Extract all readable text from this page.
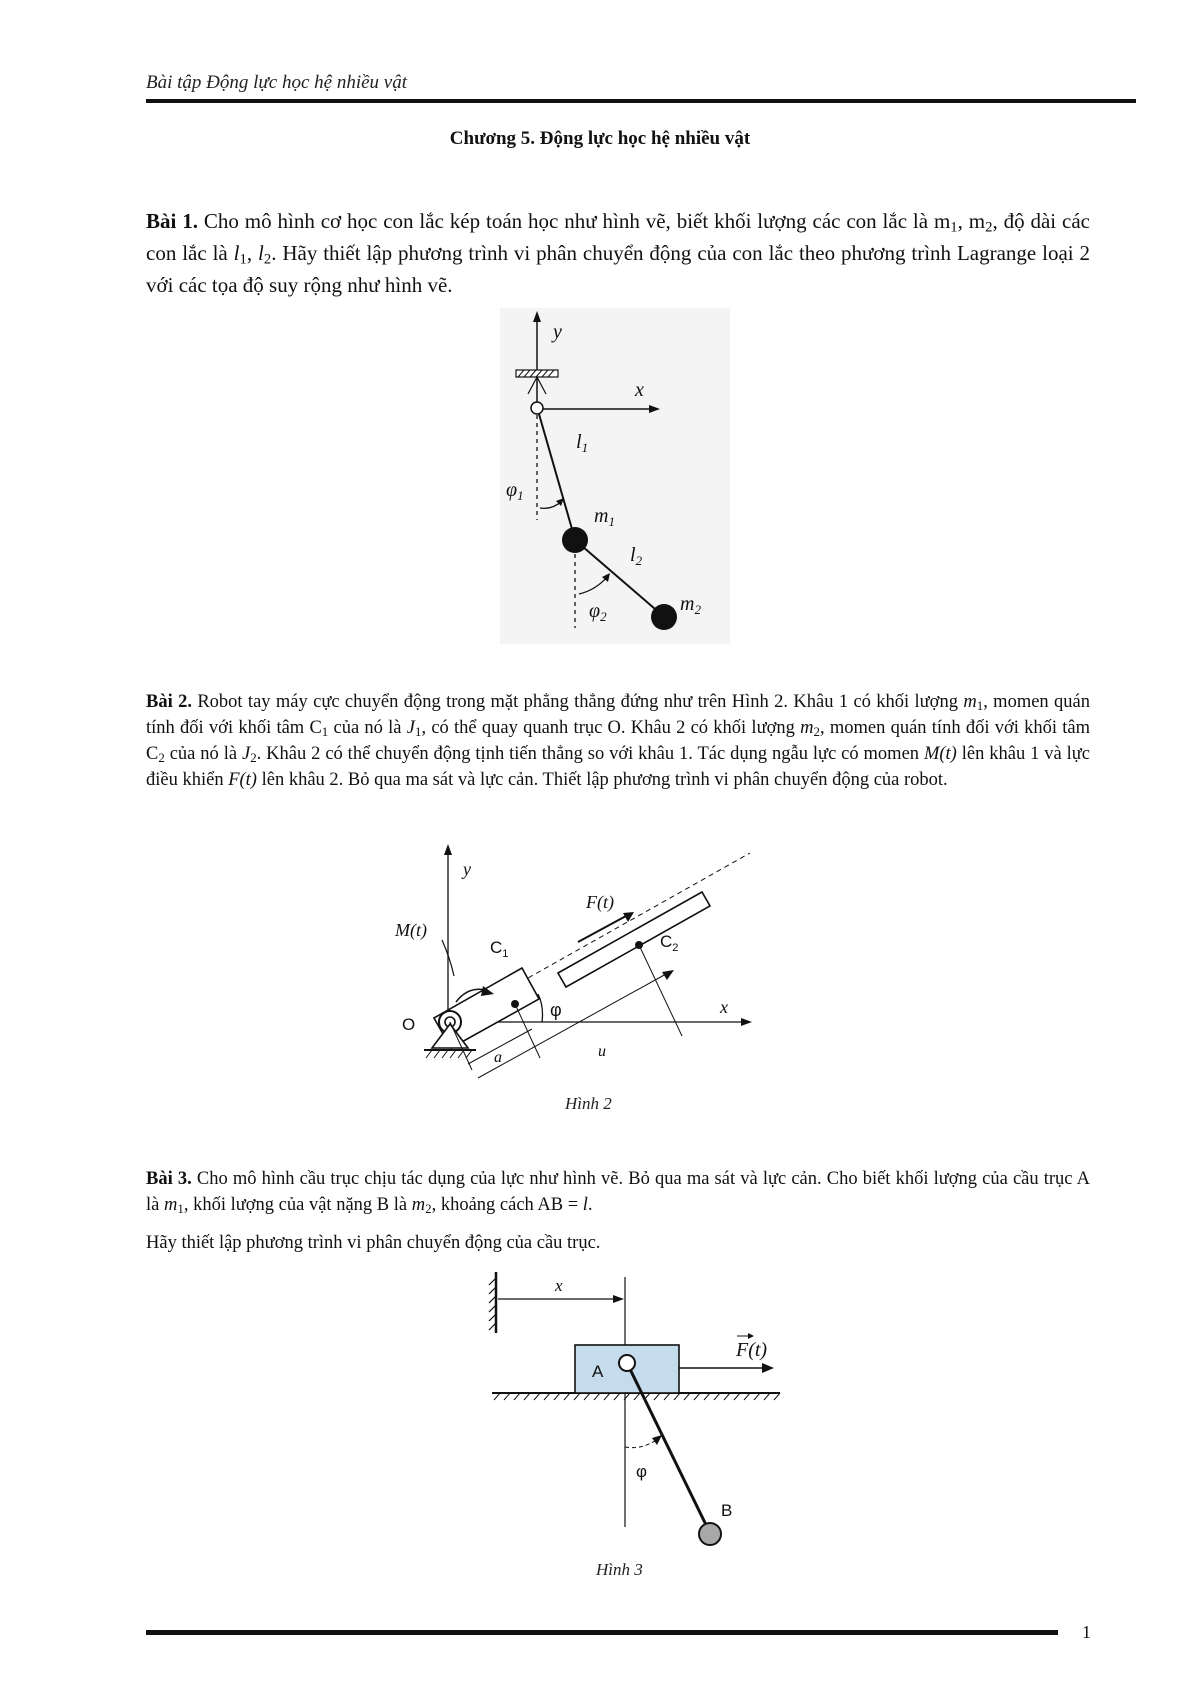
Bài tập Động lực học hệ nhiều vật
Chương 5. Động lực học hệ nhiều vật
Bài 1. Cho mô hình cơ học con lắc kép toán học như hình vẽ, biết khối lượng các con lắc là $m_1$, $m_2$, độ dài các con lắc là $l_1$, $l_2$. Hãy thiết lập phương trình vi phân chuyển động của con lắc theo phương trình Lagrange loại 2 với các tọa độ suy rộng như hình vẽ.
y
x
$\varphi_1$
$l_1$
$m_1$
$l_2$
$\varphi_2$
$m_2$
Bài 2. Robot tay máy cực chuyển động trong mặt phẳng thẳng đứng như trên Hình 2. Khâu 1 có khối lượng $m_1$, momen quán tính đối với khối tâm $C_1$ của nó là $J_1$, có thể quay quanh trục O. Khâu 2 có khối lượng $m_2$, momen quán tính đối với khối tâm $C_2$ của nó là $J_2$. Khâu 2 có thể chuyển động tịnh tiến thẳng so với khâu 1. Tác dụng ngẫu lực có momen M(t) lên khâu 1 và lực điều khiển F(t) lên khâu 2. Bỏ qua ma sát và lực cản. Thiết lập phương trình vi phân chuyển động của robot.
y
x
$C_1$
$C_2$
F(t)
M(t)
φ
O
a	u
Hình 2
Bài 3. Cho mô hình cầu trục chịu tác dụng của lực như hình vẽ. Bỏ qua ma sát và lực cản. Cho biết khối lượng của cầu trục A là $m_1$, khối lượng của vật nặng B là $m_2$, khoảng cách AB = l.
Hãy thiết lập phương trình vi phân chuyển động của cầu trục.
x
A
F(t)
φ
B
Hình 3
1
